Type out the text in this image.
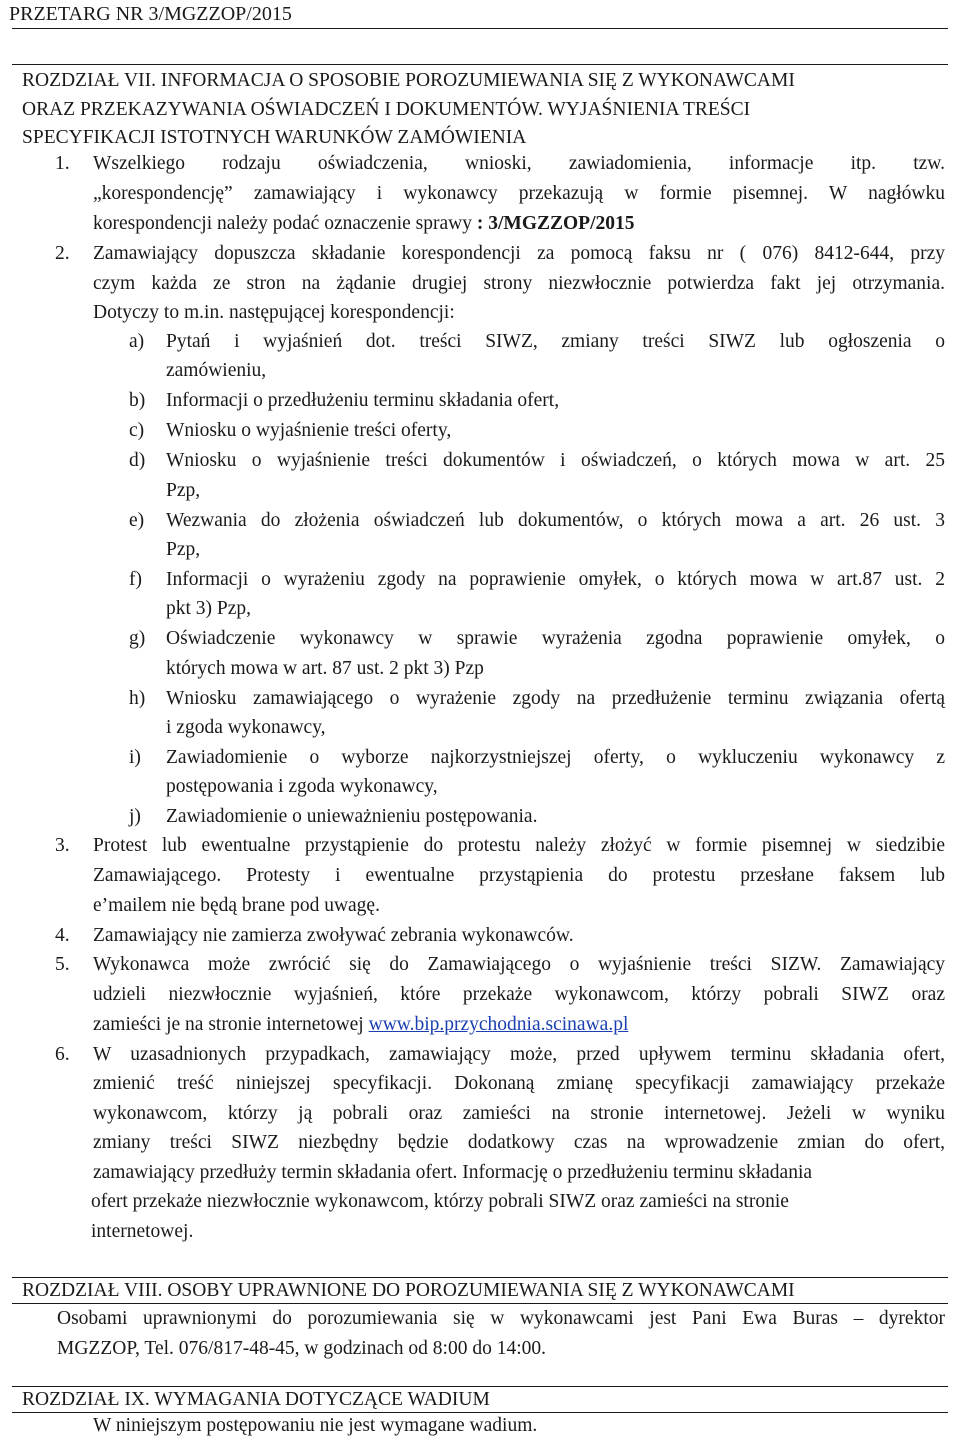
PRZETARG NR 3/MGZZOP/2015
ROZDZIAŁ VII. INFORMACJA O SPOSOBIE POROZUMIEWANIA SIĘ Z WYKONAWCAMI
ORAZ PRZEKAZYWANIA OŚWIADCZEŃ I DOKUMENTÓW. WYJAŚNIENIA TREŚCI
SPECYFIKACJI ISTOTNYCH WARUNKÓW ZAMÓWIENIA
1. Wszelkiego rodzaju oświadczenia, wnioski, zawiadomienia, informacje itp. tzw.
„korespondencję” zamawiający i wykonawcy przekazują w formie pisemnej. W nagłówku
korespondencji należy podać oznaczenie sprawy : 3/MGZZOP/2015
2. Zamawiający dopuszcza składanie korespondencji za pomocą faksu nr ( 076) 8412-644, przy
czym każda ze stron na żądanie drugiej strony niezwłocznie potwierdza fakt jej otrzymania.
Dotyczy to m.in. następującej korespondencji:
a) Pytań i wyjaśnień dot. treści SIWZ, zmiany treści SIWZ lub ogłoszenia o
zamówieniu,
b) Informacji o przedłużeniu terminu składania ofert,
c) Wniosku o wyjaśnienie treści oferty,
d) Wniosku o wyjaśnienie treści dokumentów i oświadczeń, o których mowa w art. 25
Pzp,
e) Wezwania do złożenia oświadczeń lub dokumentów, o których mowa a art. 26 ust. 3
Pzp,
f) Informacji o wyrażeniu zgody na poprawienie omyłek, o których mowa w art.87 ust. 2
pkt 3) Pzp,
g) Oświadczenie wykonawcy w sprawie wyrażenia zgodna poprawienie omyłek, o
których mowa w art. 87 ust. 2 pkt 3) Pzp
h) Wniosku zamawiającego o wyrażenie zgody na przedłużenie terminu związania ofertą
i zgoda wykonawcy,
i) Zawiadomienie o wyborze najkorzystniejszej oferty, o wykluczeniu wykonawcy z
postępowania i zgoda wykonawcy,
j) Zawiadomienie o unieważnieniu postępowania.
3. Protest lub ewentualne przystąpienie do protestu należy złożyć w formie pisemnej w siedzibie
Zamawiającego. Protesty i ewentualne przystąpienia do protestu przesłane faksem lub
e’mailem nie będą brane pod uwagę.
4. Zamawiający nie zamierza zwoływać zebrania wykonawców.
5. Wykonawca może zwrócić się do Zamawiającego o wyjaśnienie treści SIZW. Zamawiający
udzieli niezwłocznie wyjaśnień, które przekaże wykonawcom, którzy pobrali SIWZ oraz
zamieści je na stronie internetowej www.bip.przychodnia.scinawa.pl
6. W uzasadnionych przypadkach, zamawiający może, przed upływem terminu składania ofert,
zmienić treść niniejszej specyfikacji. Dokonaną zmianę specyfikacji zamawiający przekaże
wykonawcom, którzy ją pobrali oraz zamieści na stronie internetowej. Jeżeli w wyniku
zmiany treści SIWZ niezbędny będzie dodatkowy czas na wprowadzenie zmian do ofert,
zamawiający przedłuży termin składania ofert. Informację o przedłużeniu terminu składania
ofert przekaże niezwłocznie wykonawcom, którzy pobrali SIWZ oraz zamieści na stronie
internetowej.
ROZDZIAŁ VIII. OSOBY UPRAWNIONE DO POROZUMIEWANIA SIĘ Z WYKONAWCAMI
Osobami uprawnionymi do porozumiewania się w wykonawcami jest Pani Ewa Buras – dyrektor
MGZZOP, Tel. 076/817-48-45, w godzinach od 8:00 do 14:00.
ROZDZIAŁ IX. WYMAGANIA DOTYCZĄCE WADIUM
W niniejszym postępowaniu nie jest wymagane wadium.
